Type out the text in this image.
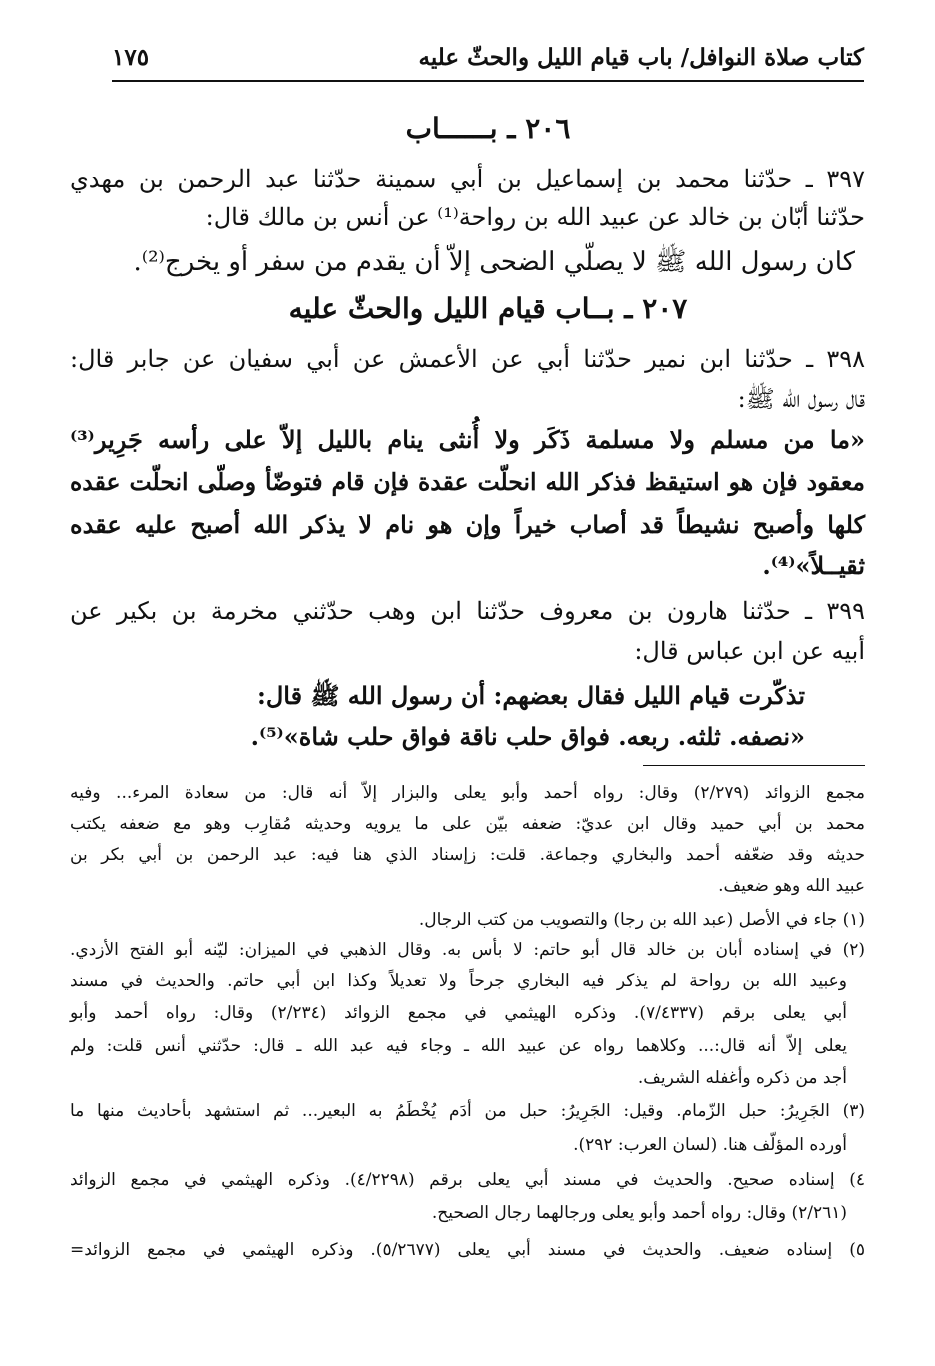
كتاب صلاة النوافل/ باب قيام الليل والحثّ عليه
١٧٥
٢٠٦ ـ بــــــاب
٣٩٧ ـ حدّثنا محمد بن إسماعيل بن أبي سمينة حدّثنا عبد الرحمن بن مهدي
حدّثنا أبّان بن خالد عن عبيد الله بن رواحة⁽¹⁾ عن أنس بن مالك قال:
كان رسول الله ﷺ لا يصلّي الضحى إلاّ أن يقدم من سفر أو يخرج⁽²⁾.
٢٠٧ ـ بــاب قيام الليل والحثّ عليه
٣٩٨ ـ حدّثنا ابن نمير حدّثنا أبي عن الأعمش عن أبي سفيان عن جابر قال:
قال رسول الله ﷺ:
«ما من مسلم ولا مسلمة ذَكَر ولا أُنثى ينام بالليل إلاّ على رأسه جَرِير⁽³⁾
معقود فإن هو استيقظ فذكر الله انحلّت عقدة فإن قام فتوضّأ وصلّى انحلّت عقده
كلها وأصبح نشيطاً قد أصاب خيراً وإن هو نام لا يذكر الله أصبح عليه عقده
ثقيــلاً»⁽⁴⁾.
٣٩٩ ـ حدّثنا هارون بن معروف حدّثنا ابن وهب حدّثني مخرمة بن بكير عن
أبيه عن ابن عباس قال:
تذكّرت قيام الليل فقال بعضهم: أن رسول الله ﷺ قال:
«نصفه. ثلثه. ربعه. فواق حلب ناقة فواق حلب شاة»⁽⁵⁾.
مجمع الزوائد (٢/٢٧٩) وقال: رواه أحمد وأبو يعلى والبزار إلاّ أنه قال: من سعادة المرء... وفيه
محمد بن أبي حميد وقال ابن عديّ: ضعفه بيّن على ما يرويه وحديثه مُقارِب وهو مع ضعفه يكتب
حديثه وقد ضعّفه أحمد والبخاري وجماعة. قلت: زإسناد الذي هنا فيه: عبد الرحمن بن أبي بكر بن
عبيد الله وهو ضعيف.
(١) جاء في الأصل (عبد الله بن رجا) والتصويب من كتب الرجال.
(٢) في إسناده أبان بن خالد قال أبو حاتم: لا بأس به. وقال الذهبي في الميزان: ليّنه أبو الفتح الأزدي.
وعبيد الله بن رواحة لم يذكر فيه البخاري جرحاً ولا تعديلاً وكذا ابن أبي حاتم. والحديث في مسند
أبي يعلى برقم (٧/٤٣٣٧). وذكره الهيثمي في مجمع الزوائد (٢/٢٣٤) وقال: رواه أحمد وأبو
يعلى إلاّ أنه قال:... وكلاهما رواه عن عبيد الله ـ وجاء فيه عبد الله ـ قال: حدّثني أنس قلت: ولم
أجد من ذكره وأغفله الشريف.
(٣) الجَرِيرُ: حبل الزّمام. وقيل: الجَرِيرُ: حبل من أدَم يُخْطَمُ به البعير... ثم استشهد بأحاديث منها ما
أورده المؤلّف هنا. (لسان العرب: ٢٩٢).
٤) إسناده صحيح. والحديث في مسند أبي يعلى برقم (٤/٢٢٩٨). وذكره الهيثمي في مجمع الزوائد
(٢/٢٦١) وقال: رواه أحمد وأبو يعلى ورجالهما رجال الصحيح.
٥) إسناده ضعيف. والحديث في مسند أبي يعلى (٥/٢٦٧٧). وذكره الهيثمي في مجمع الزوائد=
